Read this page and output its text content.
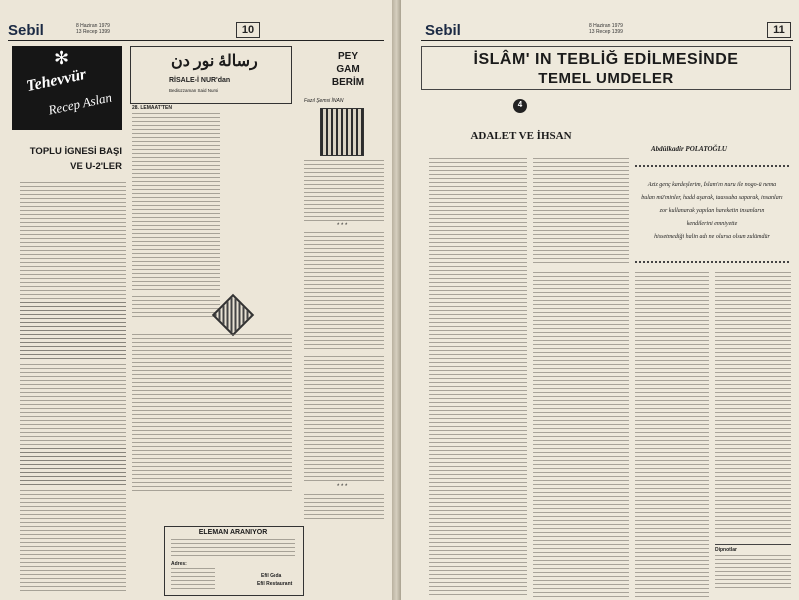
Sebil	8 Haziran 1979
13 Recep 1399	10
✻
Tehevvür
Recep Aslan
TOPLU İGNESİ BAŞI
VE U-2'LER
رسالهٔ نور دن
RİSALE-İ NUR'dan
Bediüzzaman Said Nursi
28. LEMAAT'TEN
PEY
GAM
BERİM
Fazıl Şemsi İNAN
* * *
* * *
ELEMAN ARANIYOR
Adres:
Efil Gıda
Efil Restaurant
Sebil	8 Haziran 1979
13 Recep 1399	11
İSLÂM' IN TEBLİĞ EDİLMESİNDE
TEMEL UMDELER
4
ADALET VE İHSAN
Abdülkadir POLATOĞLU
Aziz genç kardeşlerim, İslam'ın nuru ile nogo-ü nema
bulan mü'minler, hadd aşarak, taassuba saparak, insanları
zor kullanarak yapılan hareketin insanların
kendilerini emniyette
hissetmediği halin adı ne olursa olsun zulümdür
Dipnotlar
